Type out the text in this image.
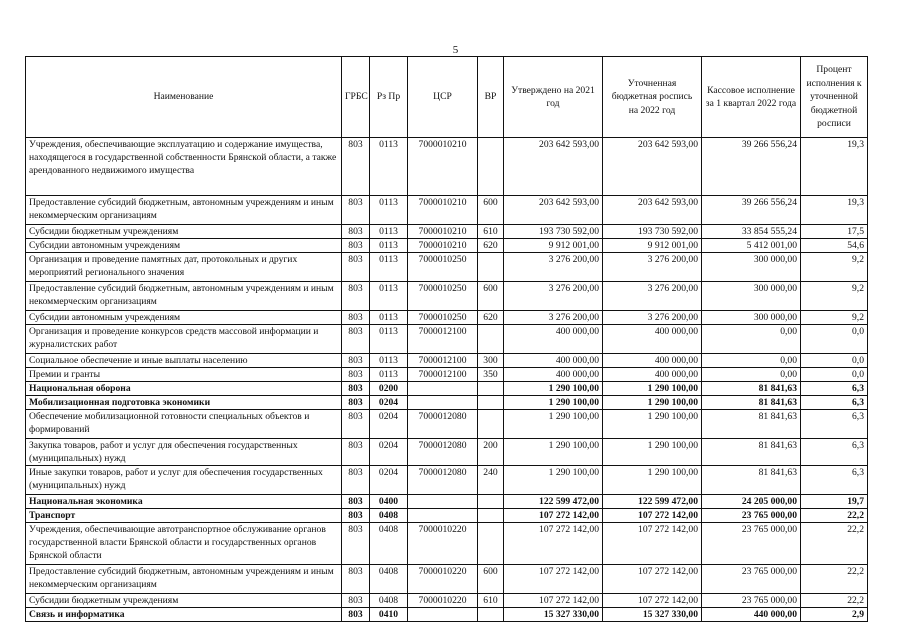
5
Наименование	ГРБС	Рз Пр	ЦСР	ВР	Утверждено на 2021 год	Уточненная бюджетная роспись на 2022 год	Кассовое исполнение за 1 квартал 2022 года	Процент исполнения к уточненной бюджетной росписи
Учреждения, обеспечивающие эксплуатацию и содержание имущества, находящегося в государственной собственности Брянской области, а также арендованного недвижимого имущества	803	0113	7000010210		203 642 593,00	203 642 593,00	39 266 556,24	19,3
Предоставление субсидий бюджетным, автономным учреждениям и иным некоммерческим организациям	803	0113	7000010210	600	203 642 593,00	203 642 593,00	39 266 556,24	19,3
Субсидии бюджетным учреждениям	803	0113	7000010210	610	193 730 592,00	193 730 592,00	33 854 555,24	17,5
Субсидии автономным учреждениям	803	0113	7000010210	620	9 912 001,00	9 912 001,00	5 412 001,00	54,6
Организация и проведение памятных дат, протокольных и других мероприятий регионального значения	803	0113	7000010250		3 276 200,00	3 276 200,00	300 000,00	9,2
Предоставление субсидий бюджетным, автономным учреждениям и иным некоммерческим организациям	803	0113	7000010250	600	3 276 200,00	3 276 200,00	300 000,00	9,2
Субсидии автономным учреждениям	803	0113	7000010250	620	3 276 200,00	3 276 200,00	300 000,00	9,2
Организация и проведение конкурсов средств массовой информации и журналистских работ	803	0113	7000012100		400 000,00	400 000,00	0,00	0,0
Социальное обеспечение и иные выплаты населению	803	0113	7000012100	300	400 000,00	400 000,00	0,00	0,0
Премии и гранты	803	0113	7000012100	350	400 000,00	400 000,00	0,00	0,0
Национальная оборона	803	0200			1 290 100,00	1 290 100,00	81 841,63	6,3
Мобилизационная подготовка экономики	803	0204			1 290 100,00	1 290 100,00	81 841,63	6,3
Обеспечение мобилизационной готовности специальных объектов и формирований	803	0204	7000012080		1 290 100,00	1 290 100,00	81 841,63	6,3
Закупка товаров, работ и услуг для обеспечения государственных (муниципальных) нужд	803	0204	7000012080	200	1 290 100,00	1 290 100,00	81 841,63	6,3
Иные закупки товаров, работ и услуг для обеспечения государственных (муниципальных) нужд	803	0204	7000012080	240	1 290 100,00	1 290 100,00	81 841,63	6,3
Национальная экономика	803	0400			122 599 472,00	122 599 472,00	24 205 000,00	19,7
Транспорт	803	0408			107 272 142,00	107 272 142,00	23 765 000,00	22,2
Учреждения, обеспечивающие автотранспортное обслуживание органов государственной власти Брянской области и государственных органов Брянской области	803	0408	7000010220		107 272 142,00	107 272 142,00	23 765 000,00	22,2
Предоставление субсидий бюджетным, автономным учреждениям и иным некоммерческим организациям	803	0408	7000010220	600	107 272 142,00	107 272 142,00	23 765 000,00	22,2
Субсидии бюджетным учреждениям	803	0408	7000010220	610	107 272 142,00	107 272 142,00	23 765 000,00	22,2
Связь и информатика	803	0410			15 327 330,00	15 327 330,00	440 000,00	2,9
